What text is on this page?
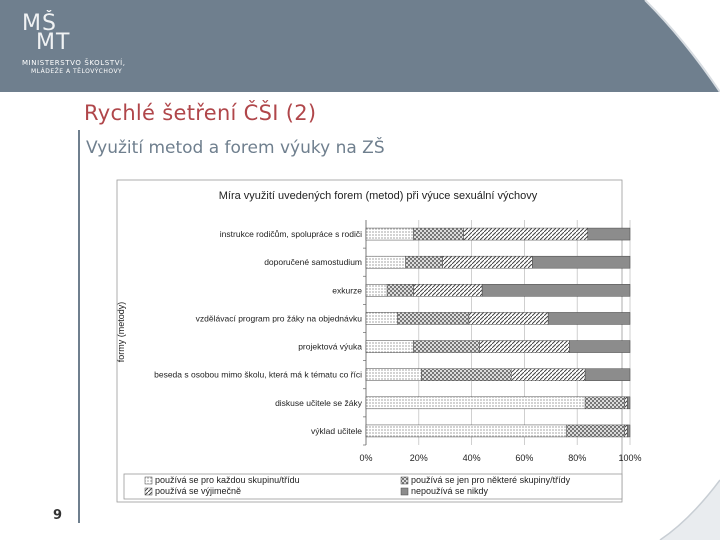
MŠ
MT
MINISTERSTVO ŠKOLSTVÍ,
MLÁDEŽE A TĚLOVÝCHOVY
Rychlé šetření ČŠI (2)
Využití metod a forem výuky na ZŠ
Míra využití uvedených forem (metod) při výuce sexuální výchovy
formy (metody)
0%	20%	40%	60%	80%	100%
instrukce rodičům, spolupráce s rodiči
doporučené samostudium
exkurze
vzdělávací program pro žáky na objednávku
projektová výuka
beseda s osobou mimo školu, která má k tématu co říci
diskuse učitele se žáky
výklad učitele
používá se pro každou skupinu/třídu	používá se jen pro některé skupiny/třídy
používá se výjimečně	nepoužívá se nikdy
9
